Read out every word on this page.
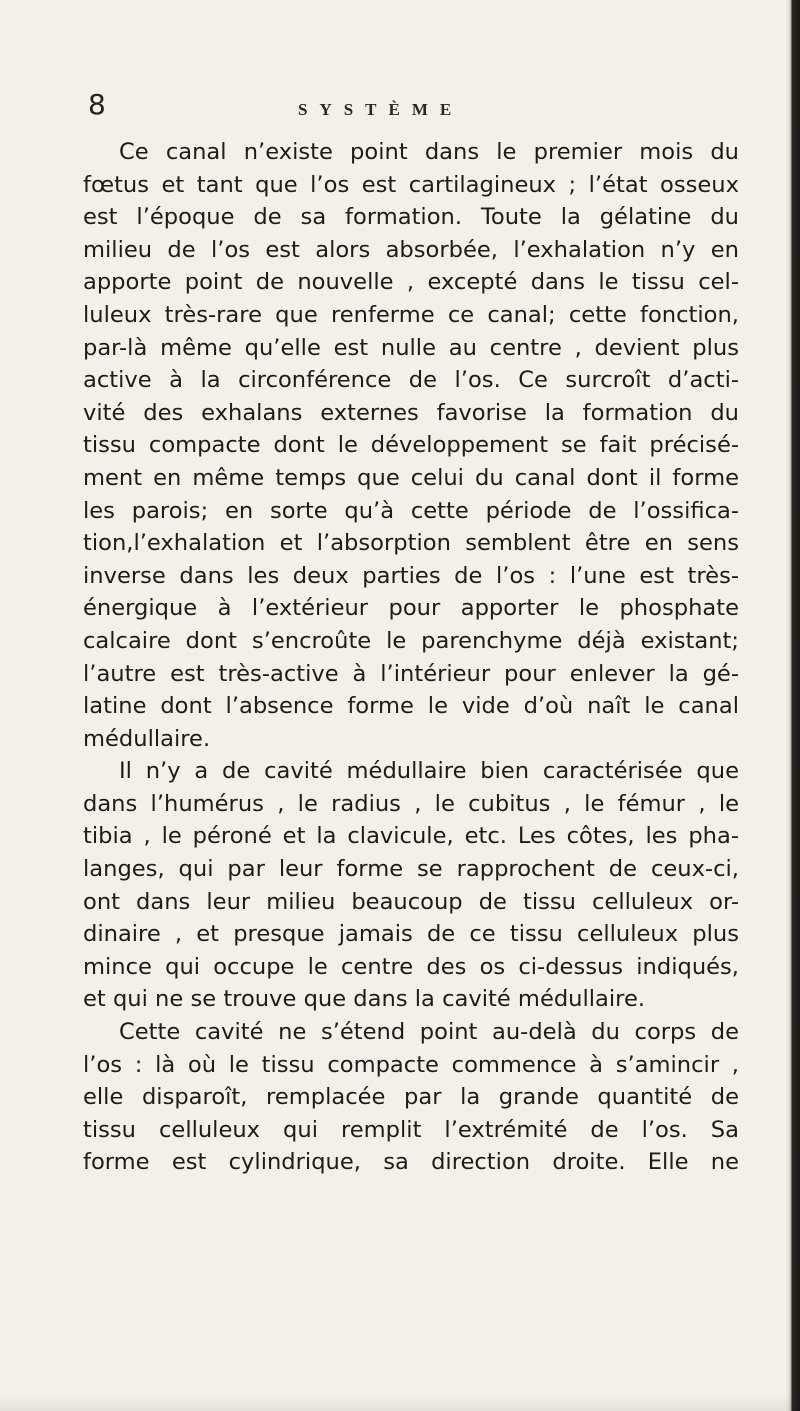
8	SYSTÈME
Ce canal n’existe point dans le premier mois du
fœtus et tant que l’os est cartilagineux ; l’état osseux
est l’époque de sa formation. Toute la gélatine du
milieu de l’os est alors absorbée, l’exhalation n’y en
apporte point de nouvelle , excepté dans le tissu cel-
luleux très-rare que renferme ce canal; cette fonction,
par-là même qu’elle est nulle au centre , devient plus
active à la circonférence de l’os. Ce surcroît d’acti-
vité des exhalans externes favorise la formation du
tissu compacte dont le développement se fait précisé-
ment en même temps que celui du canal dont il forme
les parois; en sorte qu’à cette période de l’ossifica-
tion,l’exhalation et l’absorption semblent être en sens
inverse dans les deux parties de l’os : l’une est très-
énergique à l’extérieur pour apporter le phosphate
calcaire dont s’encroûte le parenchyme déjà existant;
l’autre est très-active à l’intérieur pour enlever la gé-
latine dont l’absence forme le vide d’où naît le canal
médullaire.
Il n’y a de cavité médullaire bien caractérisée que
dans l’humérus , le radius , le cubitus , le fémur , le
tibia , le péroné et la clavicule, etc. Les côtes, les pha-
langes, qui par leur forme se rapprochent de ceux-ci,
ont dans leur milieu beaucoup de tissu celluleux or-
dinaire , et presque jamais de ce tissu celluleux plus
mince qui occupe le centre des os ci-dessus indiqués,
et qui ne se trouve que dans la cavité médullaire.
Cette cavité ne s’étend point au-delà du corps de
l’os : là où le tissu compacte commence à s’amincir ,
elle disparoît, remplacée par la grande quantité de
tissu celluleux qui remplit l’extrémité de l’os. Sa
forme est cylindrique, sa direction droite. Elle ne
